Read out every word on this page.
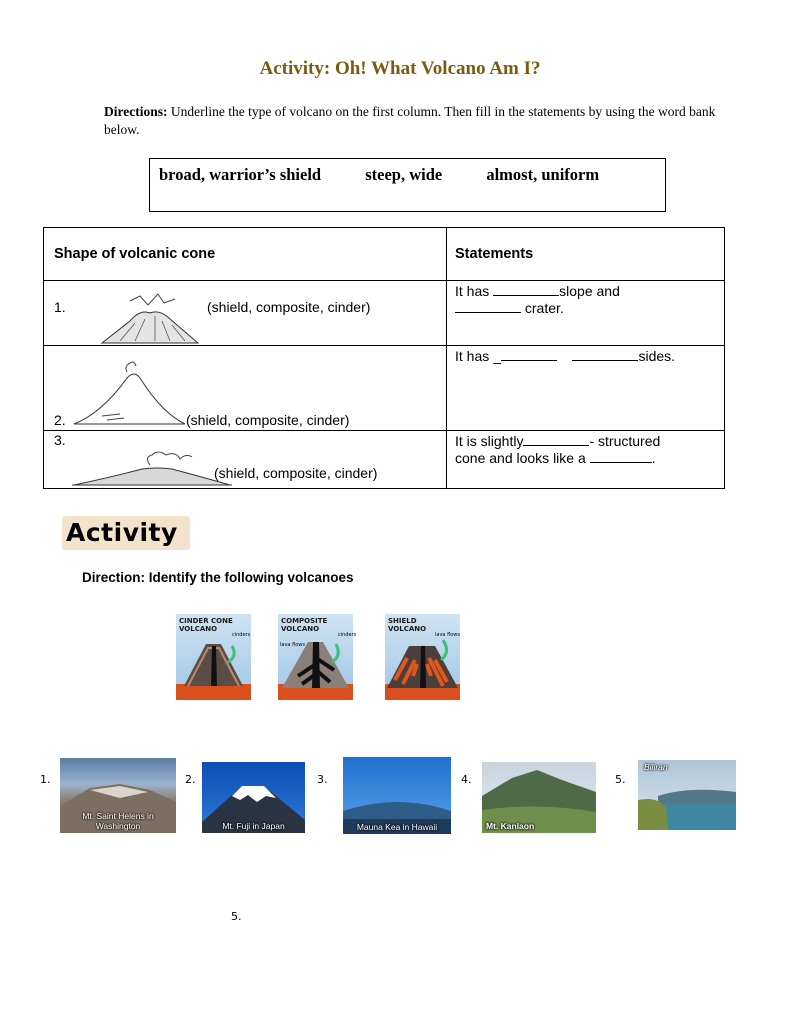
Activity: Oh! What Volcano Am I?
Directions: Underline the type of volcano on the first column. Then fill in the statements by using the word bank below.
broad, warrior’s shield	steep, wide	almost, uniform
Shape of volcanic cone	Statements

1. (shield, composite, cinder)	It has slope and
crater.

2. (shield, composite, cinder)	It has _ sides.

3.
(shield, composite, cinder)	It is slightly - structured
cone and looks like a .
Activity
Direction: Identify the following volcanoes
CINDER CONE VOLCANO
cinders
COMPOSITE VOLCANO
cinders
lava flows
SHIELD VOLCANO
lava flows
1.
Mt. Saint Helens in Washington
2.
Mt. Fuji in Japan
3.
Mauna Kea in Hawaii
4.
Mt. Kanlaon
5.
Biliran
5.
